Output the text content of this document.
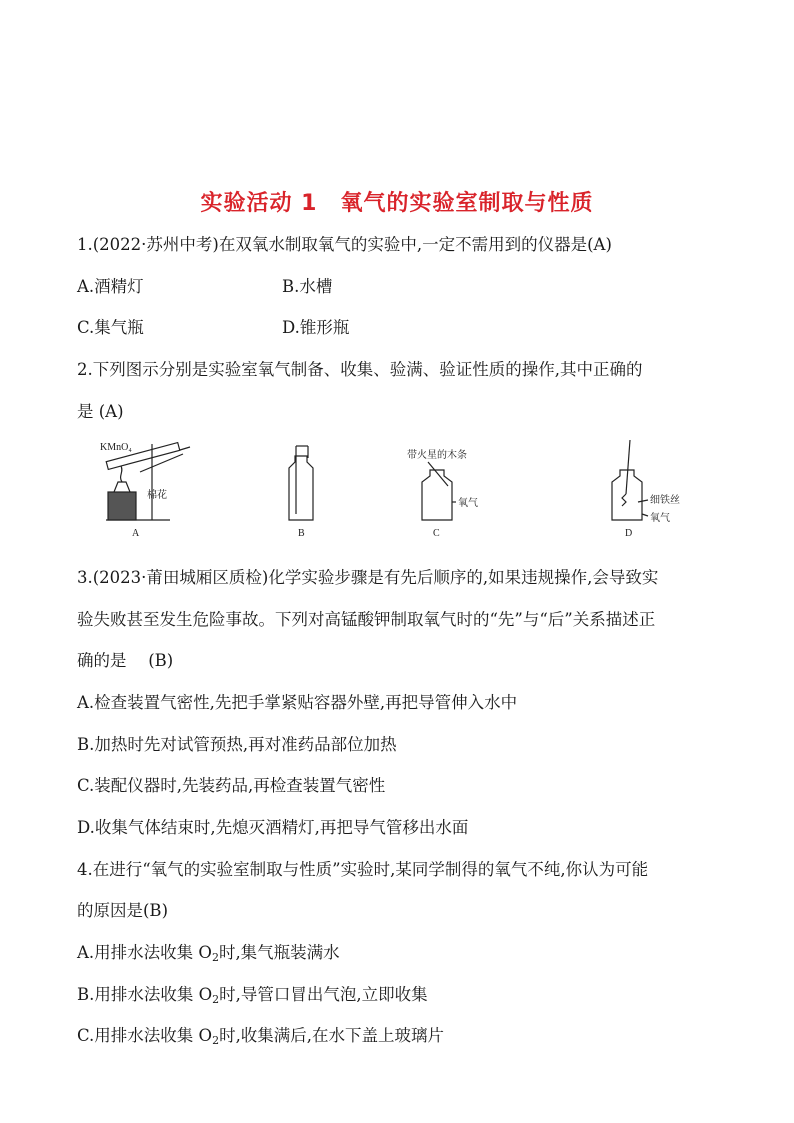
实验活动 1　氧气的实验室制取与性质
1.(2022·苏州中考)在双氧水制取氧气的实验中,一定不需用到的仪器是(A)
A.酒精灯	B.水槽
C.集气瓶	D.锥形瓶
2.下列图示分别是实验室氧气制备、收集、验满、验证性质的操作,其中正确的
是 (A)
KMnO₄
棉花
带火星的木条
氧气	细铁丝
氧气
A	B	C	D
3.(2023·莆田城厢区质检)化学实验步骤是有先后顺序的,如果违规操作,会导致实
验失败甚至发生危险事故。下列对高锰酸钾制取氧气时的“先”与“后”关系描述正
确的是　 (B)
A.检查装置气密性,先把手掌紧贴容器外壁,再把导管伸入水中
B.加热时先对试管预热,再对准药品部位加热
C.装配仪器时,先装药品,再检查装置气密性
D.收集气体结束时,先熄灭酒精灯,再把导气管移出水面
4.在进行“氧气的实验室制取与性质”实验时,某同学制得的氧气不纯,你认为可能
的原因是(B)
A.用排水法收集 $O_2$时,集气瓶装满水
B.用排水法收集 $O_2$时,导管口冒出气泡,立即收集
C.用排水法收集 $O_2$时,收集满后,在水下盖上玻璃片
